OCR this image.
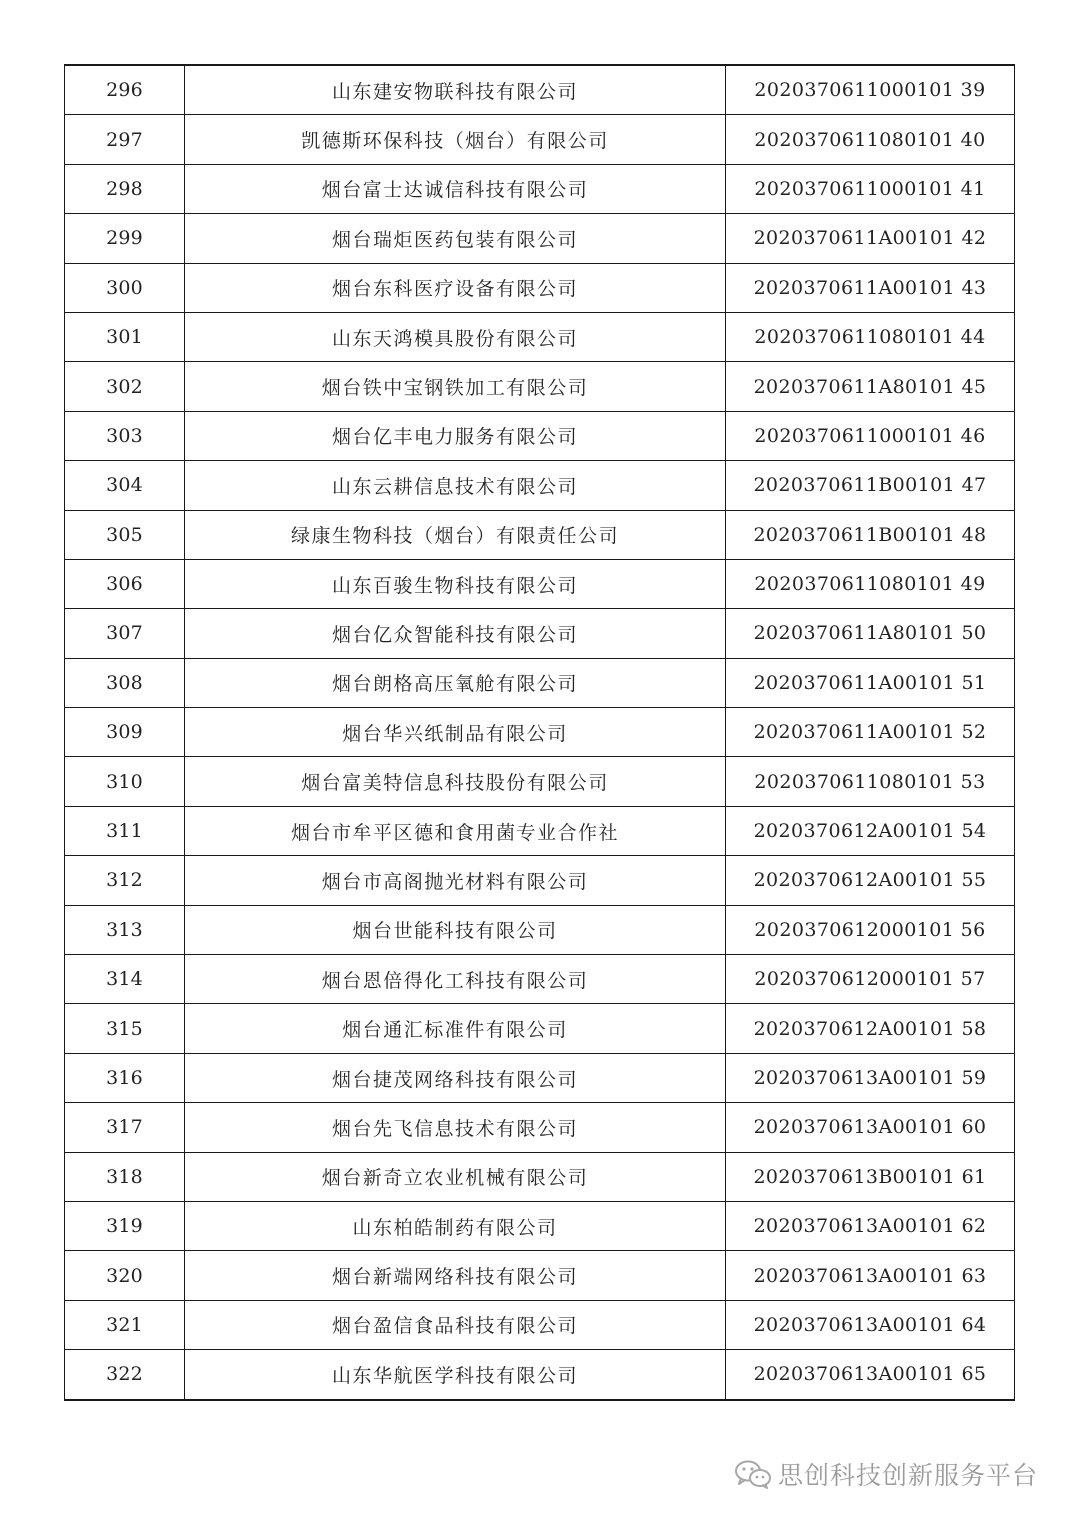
296	山东建安物联科技有限公司	2020370611000101 39
297	凯德斯环保科技（烟台）有限公司	2020370611080101 40
298	烟台富士达诚信科技有限公司	2020370611000101 41
299	烟台瑞炬医药包装有限公司	2020370611A00101 42
300	烟台东科医疗设备有限公司	2020370611A00101 43
301	山东天鸿模具股份有限公司	2020370611080101 44
302	烟台铁中宝钢铁加工有限公司	2020370611A80101 45
303	烟台亿丰电力服务有限公司	2020370611000101 46
304	山东云耕信息技术有限公司	2020370611B00101 47
305	绿康生物科技（烟台）有限责任公司	2020370611B00101 48
306	山东百骏生物科技有限公司	2020370611080101 49
307	烟台亿众智能科技有限公司	2020370611A80101 50
308	烟台朗格高压氧舱有限公司	2020370611A00101 51
309	烟台华兴纸制品有限公司	2020370611A00101 52
310	烟台富美特信息科技股份有限公司	2020370611080101 53
311	烟台市牟平区德和食用菌专业合作社	2020370612A00101 54
312	烟台市高阁抛光材料有限公司	2020370612A00101 55
313	烟台世能科技有限公司	2020370612000101 56
314	烟台恩倍得化工科技有限公司	2020370612000101 57
315	烟台通汇标准件有限公司	2020370612A00101 58
316	烟台捷茂网络科技有限公司	2020370613A00101 59
317	烟台先飞信息技术有限公司	2020370613A00101 60
318	烟台新奇立农业机械有限公司	2020370613B00101 61
319	山东柏皓制药有限公司	2020370613A00101 62
320	烟台新端网络科技有限公司	2020370613A00101 63
321	烟台盈信食品科技有限公司	2020370613A00101 64
322	山东华航医学科技有限公司	2020370613A00101 65
思创科技创新服务平台
